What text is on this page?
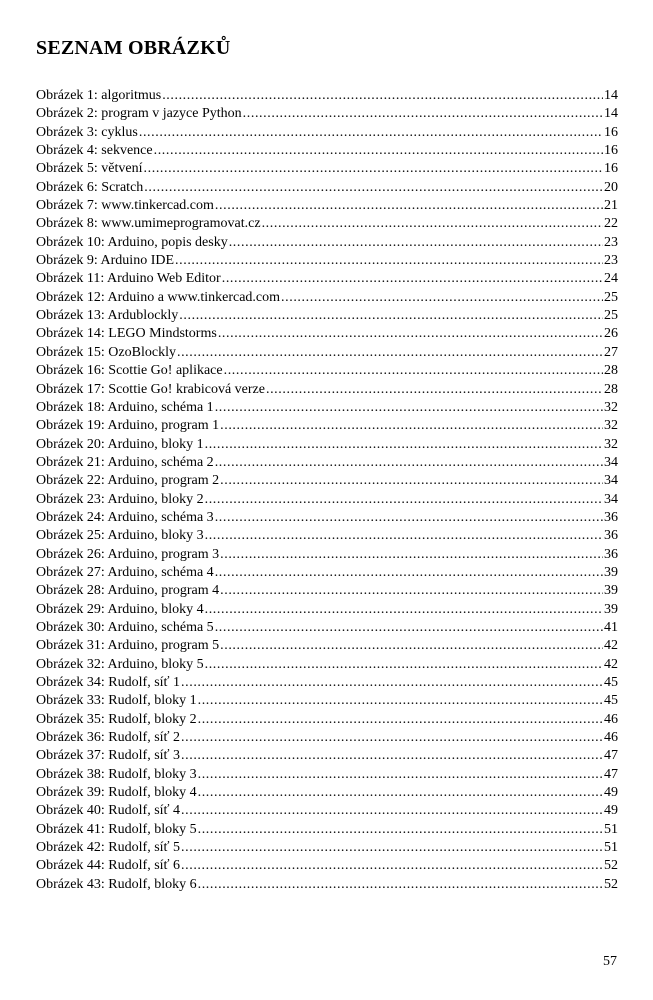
SEZNAM OBRÁZKŮ
Obrázek 1: algoritmus .....	14
Obrázek 2: program v jazyce Python .....	14
Obrázek 3: cyklus .....	16
Obrázek 4: sekvence .....	16
Obrázek 5: větvení .....	16
Obrázek 6: Scratch .....	20
Obrázek 7: www.tinkercad.com .....	21
Obrázek 8: www.umimeprogramovat.cz .....	22
Obrázek 10: Arduino, popis desky .....	23
Obrázek 9: Arduino IDE .....	23
Obrázek 11: Arduino Web Editor .....	24
Obrázek 12: Arduino a www.tinkercad.com .....	25
Obrázek 13: Ardublockly .....	25
Obrázek 14: LEGO Mindstorms .....	26
Obrázek 15: OzoBlockly .....	27
Obrázek 16: Scottie Go! aplikace .....	28
Obrázek 17: Scottie Go! krabicová verze .....	28
Obrázek 18: Arduino, schéma 1 .....	32
Obrázek 19: Arduino, program 1 .....	32
Obrázek 20: Arduino, bloky 1 .....	32
Obrázek 21: Arduino, schéma 2 .....	34
Obrázek 22: Arduino, program 2 .....	34
Obrázek 23: Arduino, bloky 2 .....	34
Obrázek 24: Arduino, schéma 3 .....	36
Obrázek 25: Arduino, bloky 3 .....	36
Obrázek 26: Arduino, program 3 .....	36
Obrázek 27: Arduino, schéma 4 .....	39
Obrázek 28: Arduino, program 4 .....	39
Obrázek 29: Arduino, bloky 4 .....	39
Obrázek 30: Arduino, schéma 5 .....	41
Obrázek 31: Arduino, program 5 .....	42
Obrázek 32: Arduino, bloky 5 .....	42
Obrázek 34: Rudolf, síť 1 .....	45
Obrázek 33: Rudolf, bloky 1 .....	45
Obrázek 35: Rudolf, bloky 2 .....	46
Obrázek 36: Rudolf, síť 2 .....	46
Obrázek 37: Rudolf, síť 3 .....	47
Obrázek 38: Rudolf, bloky 3 .....	47
Obrázek 39: Rudolf, bloky 4 .....	49
Obrázek 40: Rudolf, síť 4 .....	49
Obrázek 41: Rudolf, bloky 5 .....	51
Obrázek 42: Rudolf, síť 5 .....	51
Obrázek 44: Rudolf, síť 6 .....	52
Obrázek 43: Rudolf, bloky 6 .....	52
57
